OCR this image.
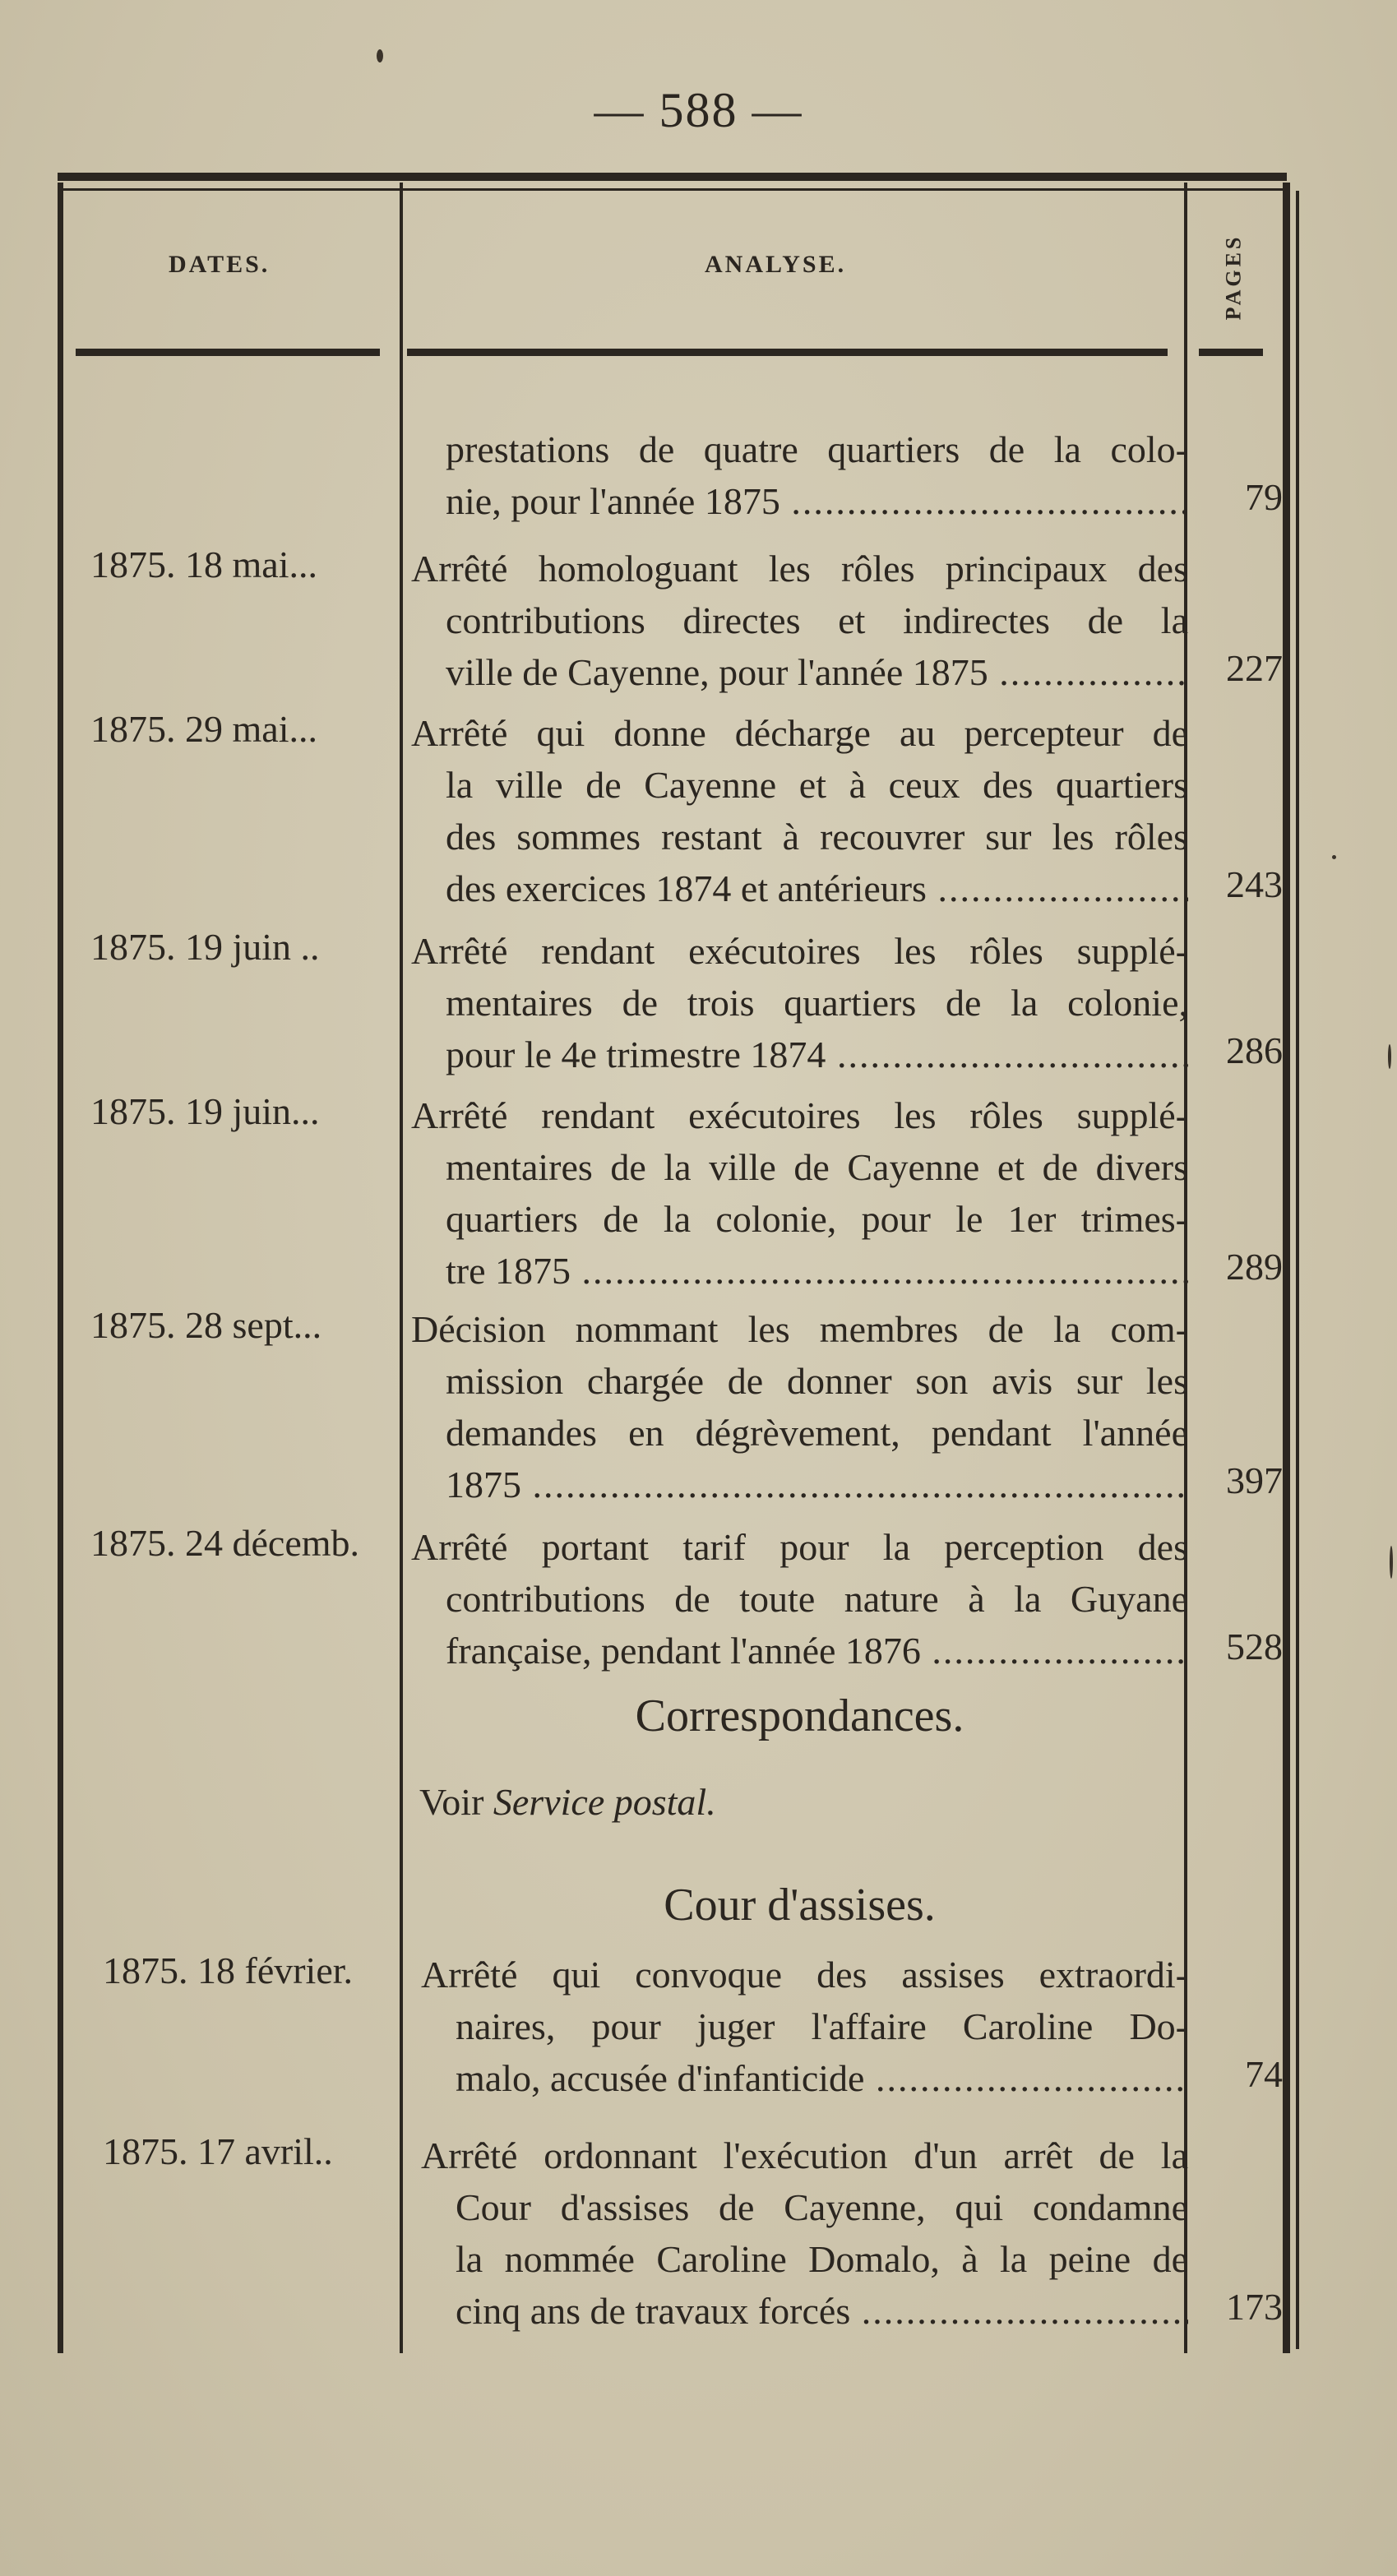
— 588 —
DATES.	ANALYSE.	PAGES
prestations de quatre quartiers de la colo-
nie, pour l'année 1875 .....	79
1875. 18 mai...	Arrêté homologuant les rôles principaux des
contributions directes et indirectes de la
ville de Cayenne, pour l'année 1875 .....	227
1875. 29 mai...	Arrêté qui donne décharge au percepteur de
la ville de Cayenne et à ceux des quartiers
des sommes restant à recouvrer sur les rôles
des exercices 1874 et antérieurs .....	243
1875. 19 juin ..	Arrêté rendant exécutoires les rôles supplé-
mentaires de trois quartiers de la colonie,
pour le 4e trimestre 1874 .....	286
1875. 19 juin...	Arrêté rendant exécutoires les rôles supplé-
mentaires de la ville de Cayenne et de divers
quartiers de la colonie, pour le 1er trimes-
tre 1875 .....	289
1875. 28 sept...	Décision nommant les membres de la com-
mission chargée de donner son avis sur les
demandes en dégrèvement, pendant l'année
1875 .....	397
1875. 24 décemb.	Arrêté portant tarif pour la perception des
contributions de toute nature à la Guyane
française, pendant l'année 1876 .....	528
Correspondances.
Voir Service postal.
Cour d'assises.
1875. 18 février.	Arrêté qui convoque des assises extraordi-
naires, pour juger l'affaire Caroline Do-
malo, accusée d'infanticide .....	74
1875. 17 avril..	Arrêté ordonnant l'exécution d'un arrêt de la
Cour d'assises de Cayenne, qui condamne
la nommée Caroline Domalo, à la peine de
cinq ans de travaux forcés .....	173
